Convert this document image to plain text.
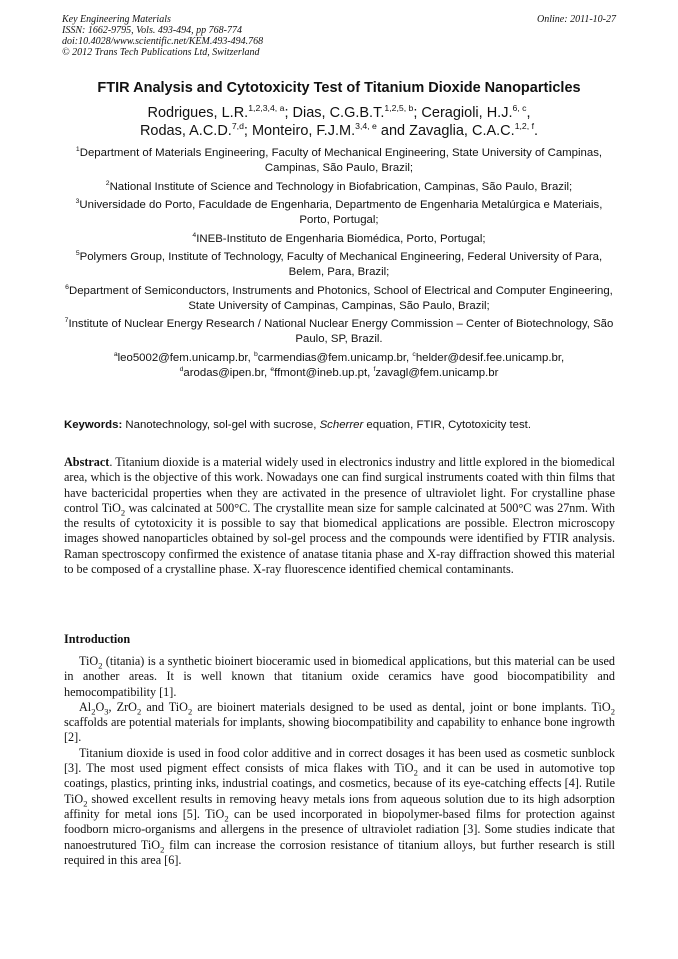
Key Engineering Materials
ISSN: 1662-9795, Vols. 493-494, pp 768-774
doi:10.4028/www.scientific.net/KEM.493-494.768
© 2012 Trans Tech Publications Ltd, Switzerland
Online: 2011-10-27
FTIR Analysis and Cytotoxicity Test of Titanium Dioxide Nanoparticles
Rodrigues, L.R.$^{1,2,3,4, a}$; Dias, C.G.B.T.$^{1,2,5, b}$; Ceragioli, H.J.$^{6, c}$,
Rodas, A.C.D.$^{7,d}$; Monteiro, F.J.M.$^{3,4, e}$ and Zavaglia, C.A.C.$^{1,2, f}$.
$^1$Department of Materials Engineering, Faculty of Mechanical Engineering, State University of Campinas, Campinas, São Paulo, Brazil;
$^2$National Institute of Science and Technology in Biofabrication, Campinas, São Paulo, Brazil;
$^3$Universidade do Porto, Faculdade de Engenharia, Departmento de Engenharia Metalúrgica e Materiais, Porto, Portugal;
$^4$INEB-Instituto de Engenharia Biomédica, Porto, Portugal;
$^5$Polymers Group, Institute of Technology, Faculty of Mechanical Engineering, Federal University of Para, Belem, Para, Brazil;
$^6$Department of Semiconductors, Instruments and Photonics, School of Electrical and Computer Engineering, State University of Campinas, Campinas, São Paulo, Brazil;
$^7$Institute of Nuclear Energy Research / National Nuclear Energy Commission – Center of Biotechnology, São Paulo, SP, Brazil.
$^a$leo5002@fem.unicamp.br, $^b$carmendias@fem.unicamp.br, $^c$helder@desif.fee.unicamp.br,
$^d$arodas@ipen.br, $^e$ffmont@ineb.up.pt, $^f$zavagl@fem.unicamp.br
Keywords: Nanotechnology, sol-gel with sucrose, Scherrer equation, FTIR, Cytotoxicity test.
Abstract. Titanium dioxide is a material widely used in electronics industry and little explored in the biomedical area, which is the objective of this work. Nowadays one can find surgical instruments coated with thin films that have bactericidal properties when they are activated in the presence of ultraviolet light. For crystalline phase control TiO$_2$ was calcinated at 500°C. The crystallite mean size for sample calcinated at 500°C was 27nm. With the results of cytotoxicity it is possible to say that biomedical applications are possible. Electron microscopy images showed nanoparticles obtained by sol-gel process and the compounds were identified by FTIR analysis. Raman spectroscopy confirmed the existence of anatase titania phase and X-ray diffraction showed this material to be composed of a crystalline phase. X-ray fluorescence identified chemical contaminants.
Introduction

TiO$_2$ (titania) is a synthetic bioinert bioceramic used in biomedical applications, but this material can be used in another areas. It is well known that titanium oxide ceramics have good biocompatibility and hemocompatibility [1].

$Al_2O_3$, ZrO$_2$ and TiO$_2$ are bioinert materials designed to be used as dental, joint or bone implants. TiO$_2$ scaffolds are potential materials for implants, showing biocompatibility and capability to enhance bone ingrowth [2].

Titanium dioxide is used in food color additive and in correct dosages it has been used as cosmetic sunblock [3]. The most used pigment effect consists of mica flakes with TiO$_2$ and it can be used in automotive top coatings, plastics, printing inks, industrial coatings, and cosmetics, because of its eye-catching effects [4]. Rutile TiO$_2$ showed excellent results in removing heavy metals ions from aqueous solution due to its high adsorption affinity for metal ions [5]. TiO$_2$ can be used incorporated in biopolymer-based films for protection against foodborn micro-organisms and allergens in the presence of ultraviolet radiation [3]. Some studies indicate that nanoestrutured TiO$_2$ film can increase the corrosion resistance of titanium alloys, but further research is still required in this area [6].
